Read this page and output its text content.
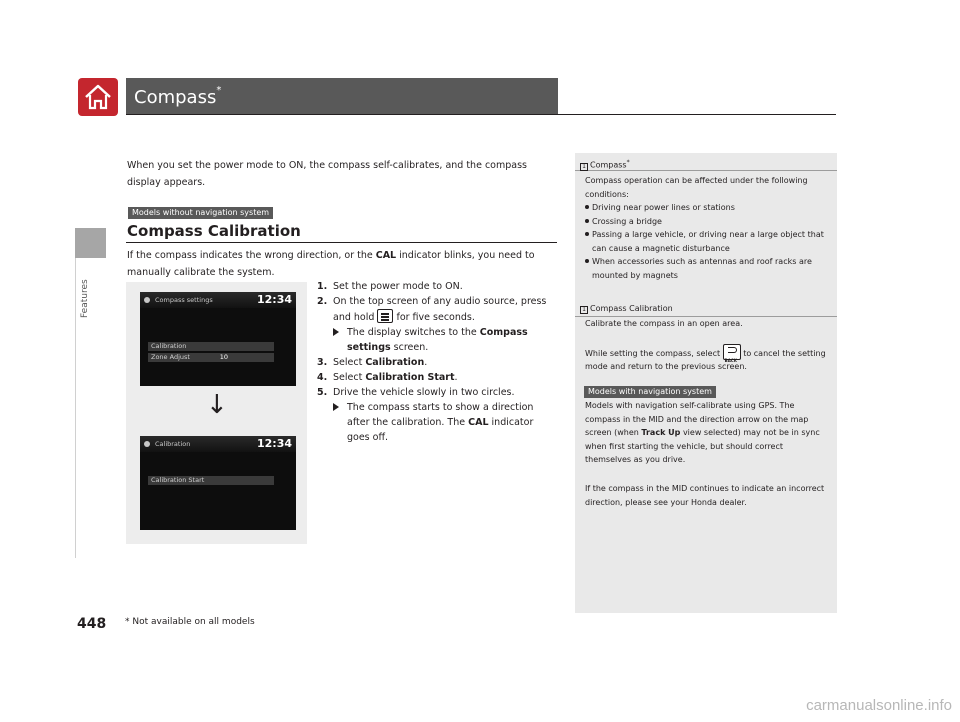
Compass*
Features
When you set the power mode to ON, the compass self-calibrates, and the compass display appears.
Models without navigation system
Compass Calibration
If the compass indicates the wrong direction, or the CAL indicator blinks, you need to manually calibrate the system.
Compass settings	12:34
Calibration
Zone Adjust	10
↓
Calibration	12:34
Calibration Start
1. Set the power mode to ON.
2. On the top screen of any audio source, press and hold for five seconds.
The display switches to the Compass settings screen.
3. Select Calibration.
4. Select Calibration Start.
5. Drive the vehicle slowly in two circles.
The compass starts to show a direction after the calibration. The CAL indicator goes off.
1 Compass*
Compass operation can be affected under the following conditions:
Driving near power lines or stations
Crossing a bridge
Passing a large vehicle, or driving near a large object that can cause a magnetic disturbance
When accessories such as antennas and roof racks are mounted by magnets
1 Compass Calibration
Calibrate the compass in an open area.
While setting the compass, select
BACK
to cancel the setting mode and return to the previous screen.
If the compass in the MID continues to indicate an incorrect direction, please see your Honda dealer.
Models with navigation system
Models with navigation self-calibrate using GPS. The compass in the MID and the direction arrow on the map screen (when Track Up view selected) may not be in sync when first starting the vehicle, but should correct themselves as you drive.
448 * Not available on all models
carmanualsonline.info
